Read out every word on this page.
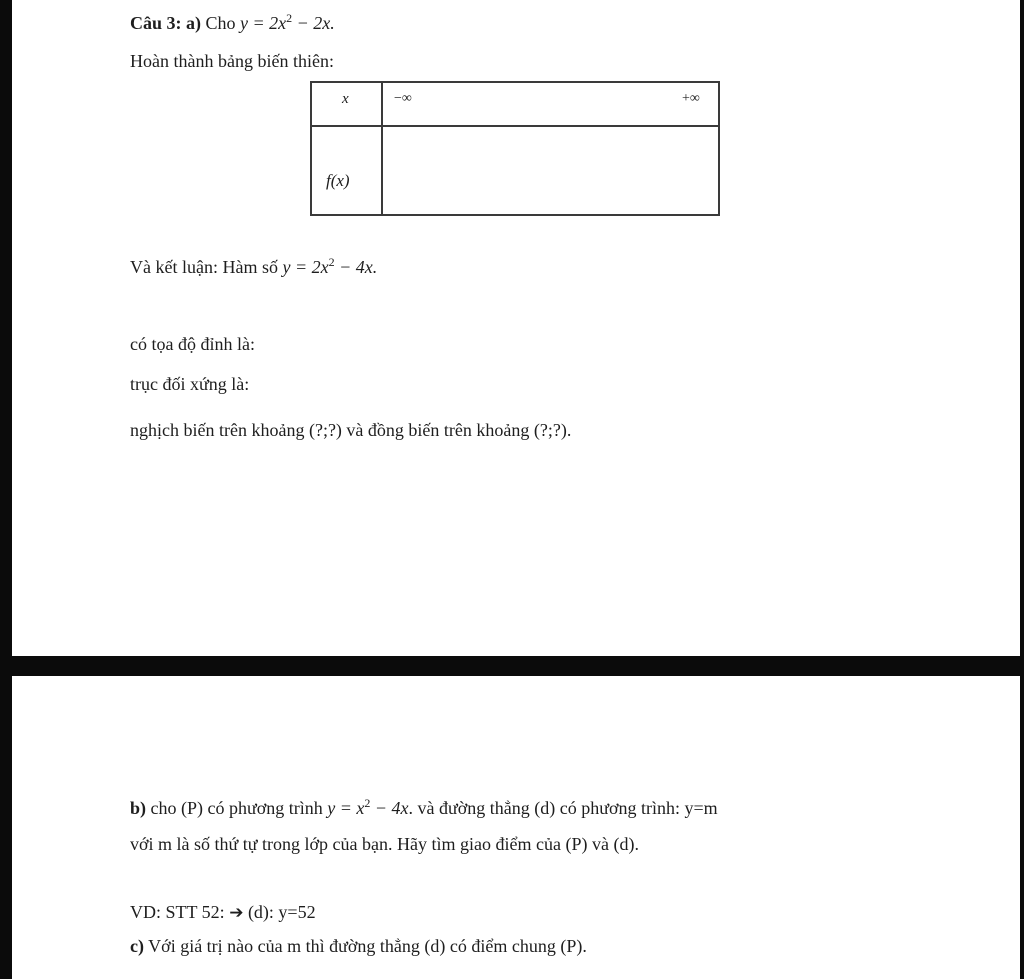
Câu 3: a) Cho $y = 2x^2 - 2x$.
Hoàn thành bảng biến thiên:
x	−∞	+∞
f(x)
Và kết luận: Hàm số $y = 2x^2 - 4x$.
có tọa độ đỉnh là:
trục đối xứng là:
nghịch biến trên khoảng (?;?) và đồng biến trên khoảng (?;?).
b) cho (P) có phương trình $y = x^2 - 4x$. và đường thẳng (d) có phương trình: y=m
với m là số thứ tự trong lớp của bạn. Hãy tìm giao điểm của (P) và (d).
VD: STT 52: ➔ (d): y=52
c) Với giá trị nào của m thì đường thẳng (d) có điểm chung (P).
